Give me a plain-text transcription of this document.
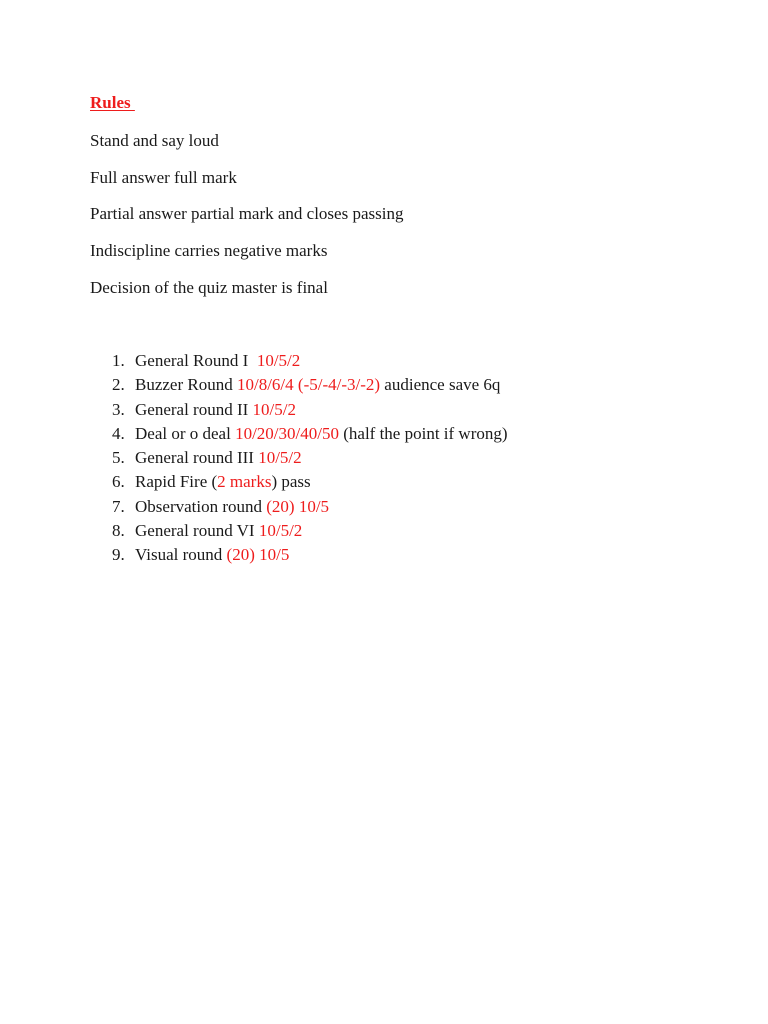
Rules
Stand and say loud
Full answer full mark
Partial answer partial mark and closes passing
Indiscipline carries negative marks
Decision of the quiz master is final
1. General Round I  10/5/2
2. Buzzer Round 10/8/6/4 (-5/-4/-3/-2) audience save 6q
3. General round II 10/5/2
4. Deal or o deal 10/20/30/40/50 (half the point if wrong)
5. General round III 10/5/2
6. Rapid Fire (2 marks) pass
7. Observation round (20) 10/5
8. General round VI 10/5/2
9. Visual round (20) 10/5
